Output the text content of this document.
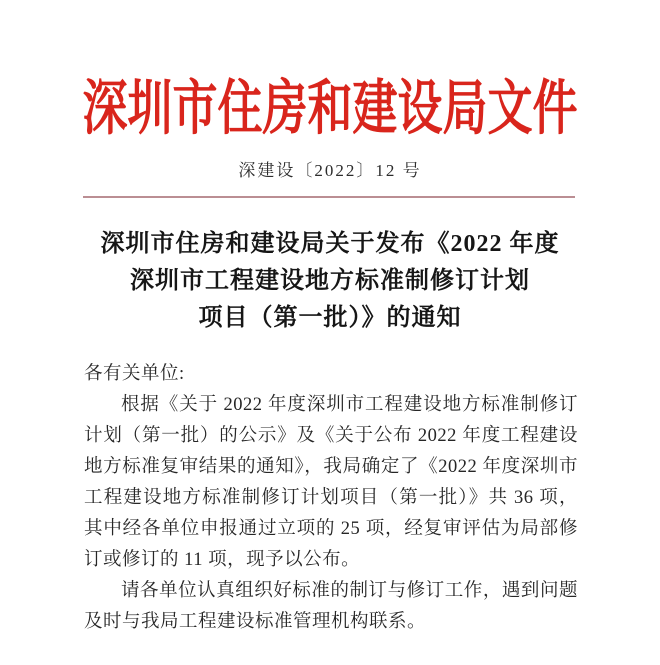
深圳市住房和建设局文件
深建设〔2022〕12 号
深圳市住房和建设局关于发布《2022 年度
深圳市工程建设地方标准制修订计划
项目（第一批）》的通知

各有关单位:

根据《关于 2022 年度深圳市工程建设地方标准制修订计划（第一批）的公示》及《关于公布 2022 年度工程建设地方标准复审结果的通知》，我局确定了《2022 年度深圳市工程建设地方标准制修订计划项目（第一批）》共 36 项，其中经各单位申报通过立项的 25 项，经复审评估为局部修订或修订的 11 项，现予以公布。

请各单位认真组织好标准的制订与修订工作，遇到问题及时与我局工程建设标准管理机构联系。
